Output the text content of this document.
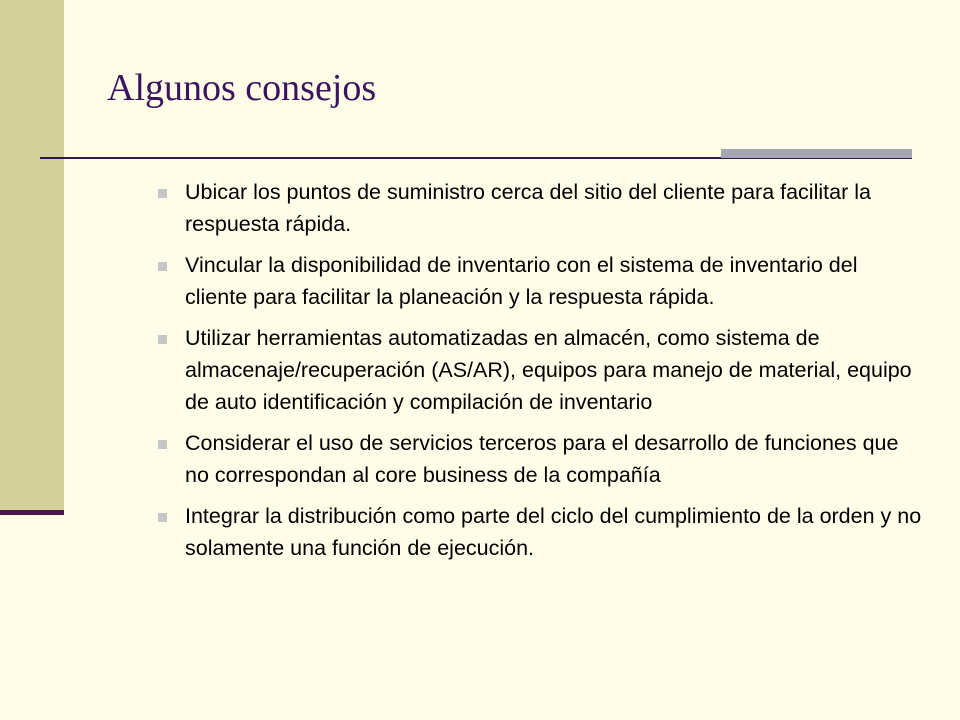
Algunos consejos
Ubicar los puntos de suministro cerca del sitio del cliente para facilitar la respuesta rápida.
Vincular la disponibilidad de inventario con el sistema de inventario del cliente para facilitar la planeación y la respuesta rápida.
Utilizar herramientas automatizadas en almacén, como sistema de almacenaje/recuperación (AS/AR), equipos para manejo de material, equipo de auto identificación y compilación de inventario
Considerar el uso de servicios terceros para el desarrollo de funciones que no correspondan al core business de la compañía
Integrar la distribución como parte del ciclo del cumplimiento de la orden y no solamente una función de ejecución.
